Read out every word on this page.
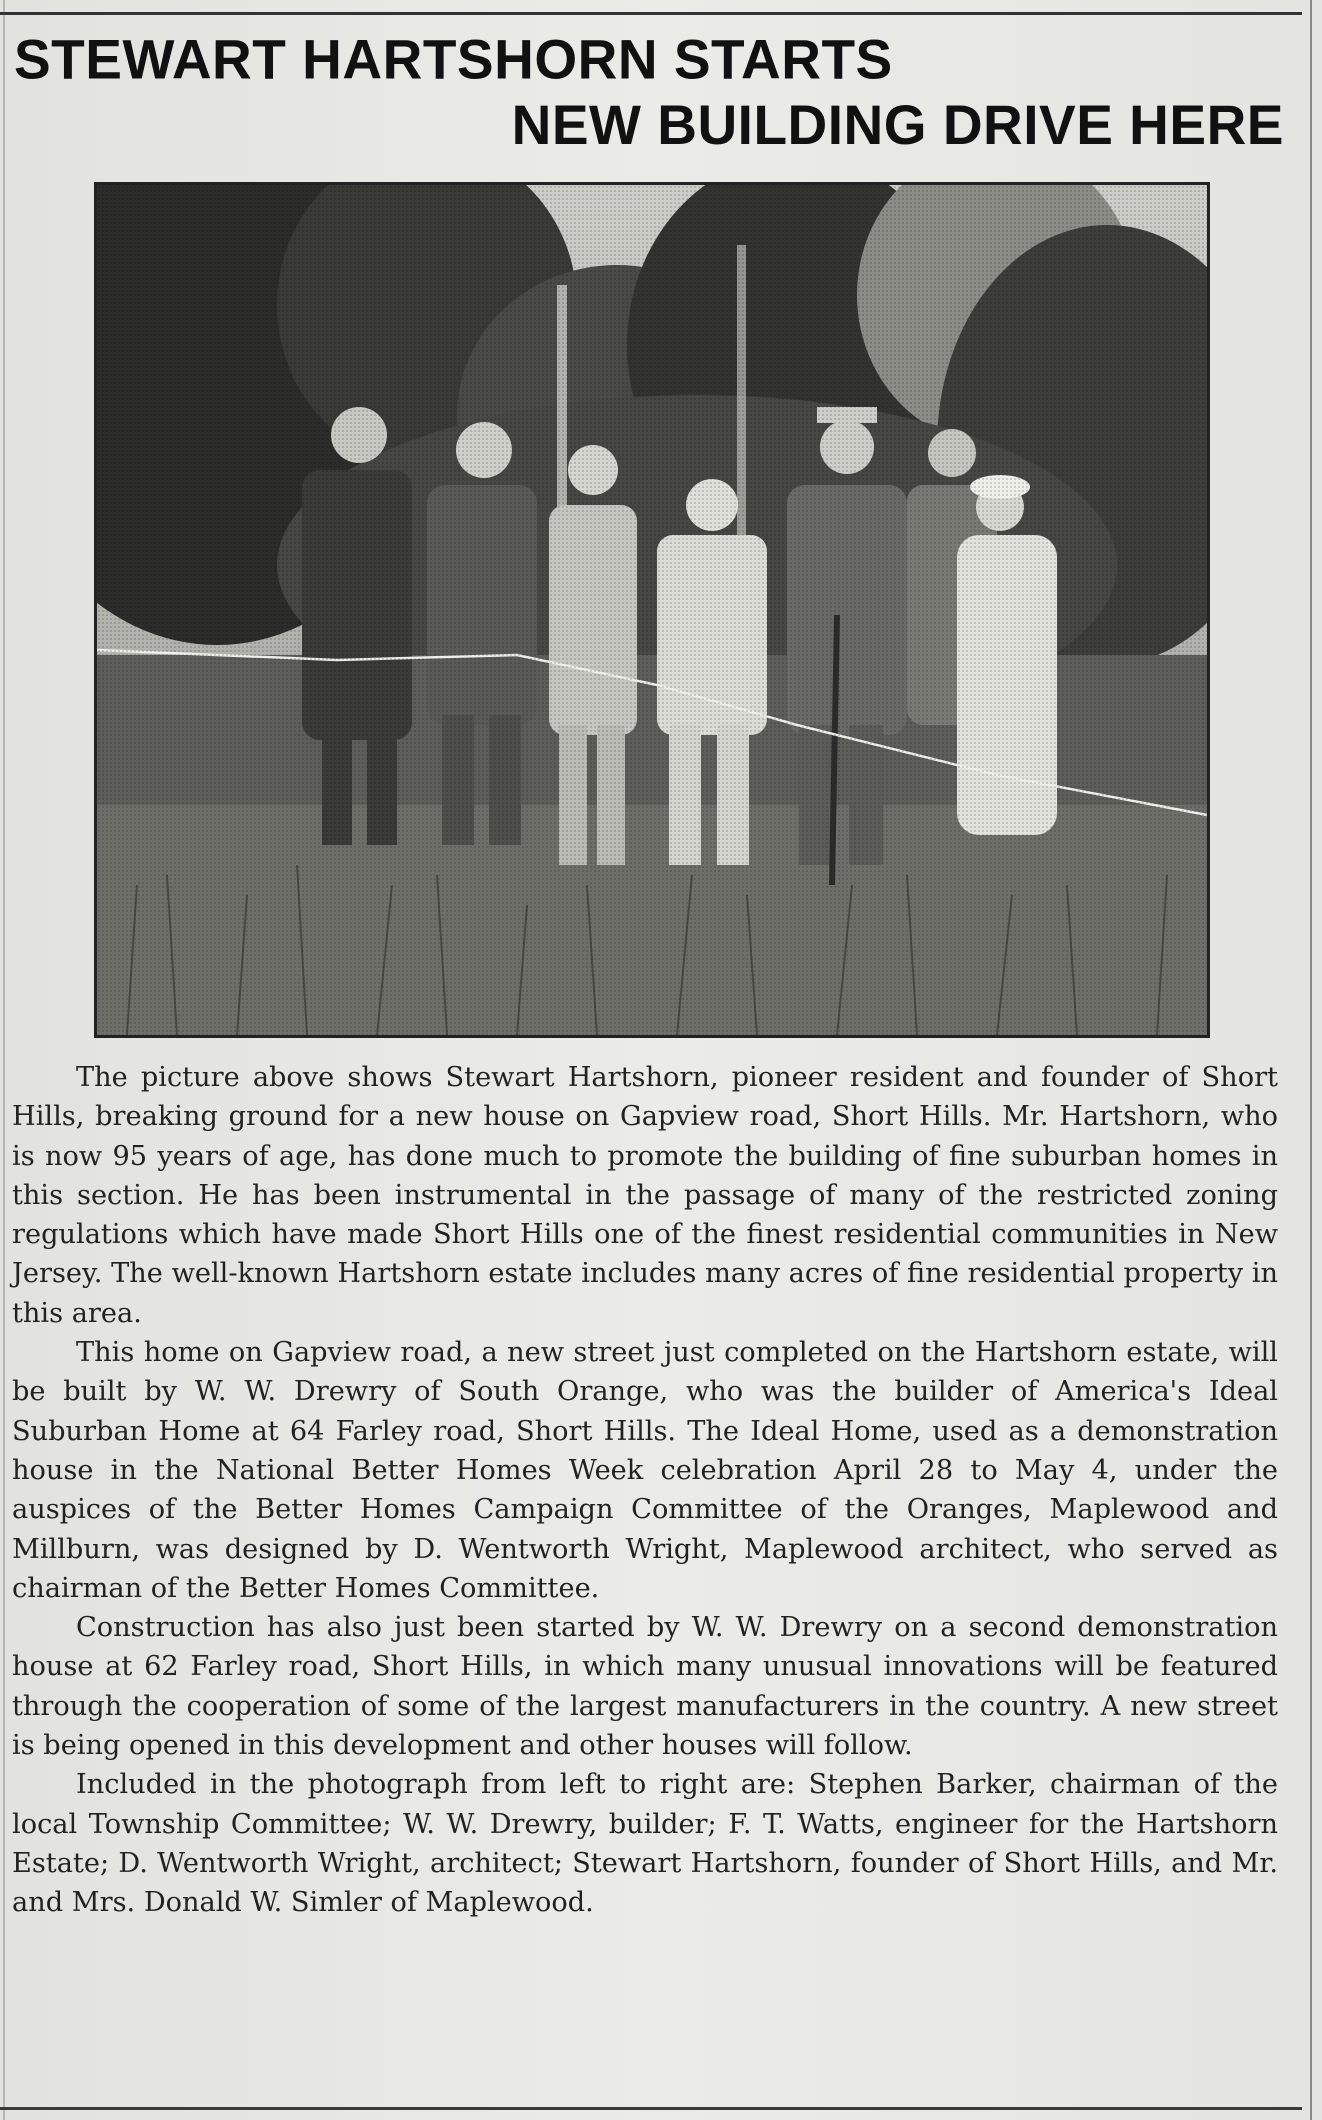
STEWART HARTSHORN STARTS
NEW BUILDING DRIVE HERE

The picture above shows Stewart Hartshorn, pioneer resident and founder of Short Hills, breaking ground for a new house on Gapview road, Short Hills. Mr. Hartshorn, who is now 95 years of age, has done much to promote the building of fine suburban homes in this section. He has been instrumental in the passage of many of the restricted zoning regulations which have made Short Hills one of the finest residential communities in New Jersey. The well-known Hartshorn estate includes many acres of fine residential property in this area.

This home on Gapview road, a new street just completed on the Hartshorn estate, will be built by W. W. Drewry of South Orange, who was the builder of America's Ideal Suburban Home at 64 Farley road, Short Hills. The Ideal Home, used as a demonstration house in the National Better Homes Week celebration April 28 to May 4, under the auspices of the Better Homes Campaign Committee of the Oranges, Maplewood and Millburn, was designed by D. Wentworth Wright, Maplewood architect, who served as chairman of the Better Homes Committee.

Construction has also just been started by W. W. Drewry on a second demonstration house at 62 Farley road, Short Hills, in which many unusual innovations will be featured through the cooperation of some of the largest manufacturers in the country. A new street is being opened in this development and other houses will follow.

Included in the photograph from left to right are: Stephen Barker, chairman of the local Township Committee; W. W. Drewry, builder; F. T. Watts, engineer for the Hartshorn Estate; D. Wentworth Wright, architect; Stewart Hartshorn, founder of Short Hills, and Mr. and Mrs. Donald W. Simler of Maplewood.
